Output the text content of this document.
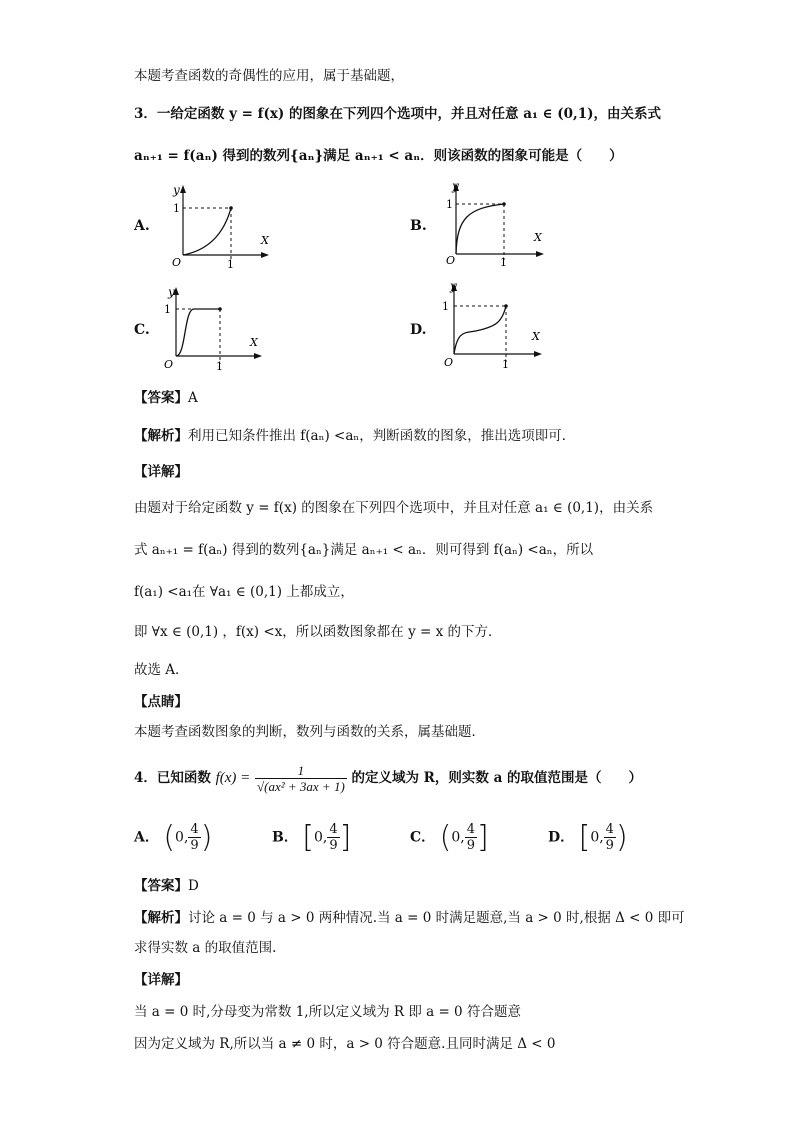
本题考查函数的奇偶性的应用，属于基础题，
3．一给定函数 y = f(x) 的图象在下列四个选项中，并且对任意 a₁ ∈ (0,1)，由关系式
aₙ₊₁ = f(aₙ) 得到的数列{aₙ}满足 aₙ₊₁ < aₙ．则该函数的图象可能是（　　）
A.	B.
C.	D.
y
1
X
O	1
y
1
X
O	1
y
1
X
O	1
y
1
X
O	1
【答案】A
【解析】利用已知条件推出 f(aₙ) <aₙ，判断函数的图象，推出选项即可．
【详解】
由题对于给定函数 y = f(x) 的图象在下列四个选项中，并且对任意 a₁ ∈ (0,1)，由关系
式 aₙ₊₁ = f(aₙ) 得到的数列{aₙ}满足 aₙ₊₁ < aₙ．则可得到 f(aₙ) <aₙ，所以
f(a₁) <a₁在 ∀a₁ ∈ (0,1) 上都成立，
即 ∀x ∈ (0,1) ，f(x) <x，所以函数图象都在 y = x 的下方．
故选 A．
【点睛】
本题考查函数图象的判断，数列与函数的关系，属基础题．
4．已知函数 $f(x) = \frac{1}{\text{√(ax² + 3ax + 1)}}$ 的定义域为 R，则实数 a 的取值范围是（　　）
A． (0, $\frac{4}{9}$ )	B． [0, $\frac{4}{9}$ ]	C． (0, $\frac{4}{9}$ ]	D． [0, $\frac{4}{9}$ )
【答案】D
【解析】讨论 a = 0 与 a > 0 两种情况.当 a = 0 时满足题意,当 a > 0 时,根据 Δ < 0 即可
求得实数 a 的取值范围.
【详解】
当 a = 0 时,分母变为常数 1,所以定义域为 R 即 a = 0 符合题意
因为定义域为 R,所以当 a ≠ 0 时，a > 0 符合题意.且同时满足 Δ < 0
